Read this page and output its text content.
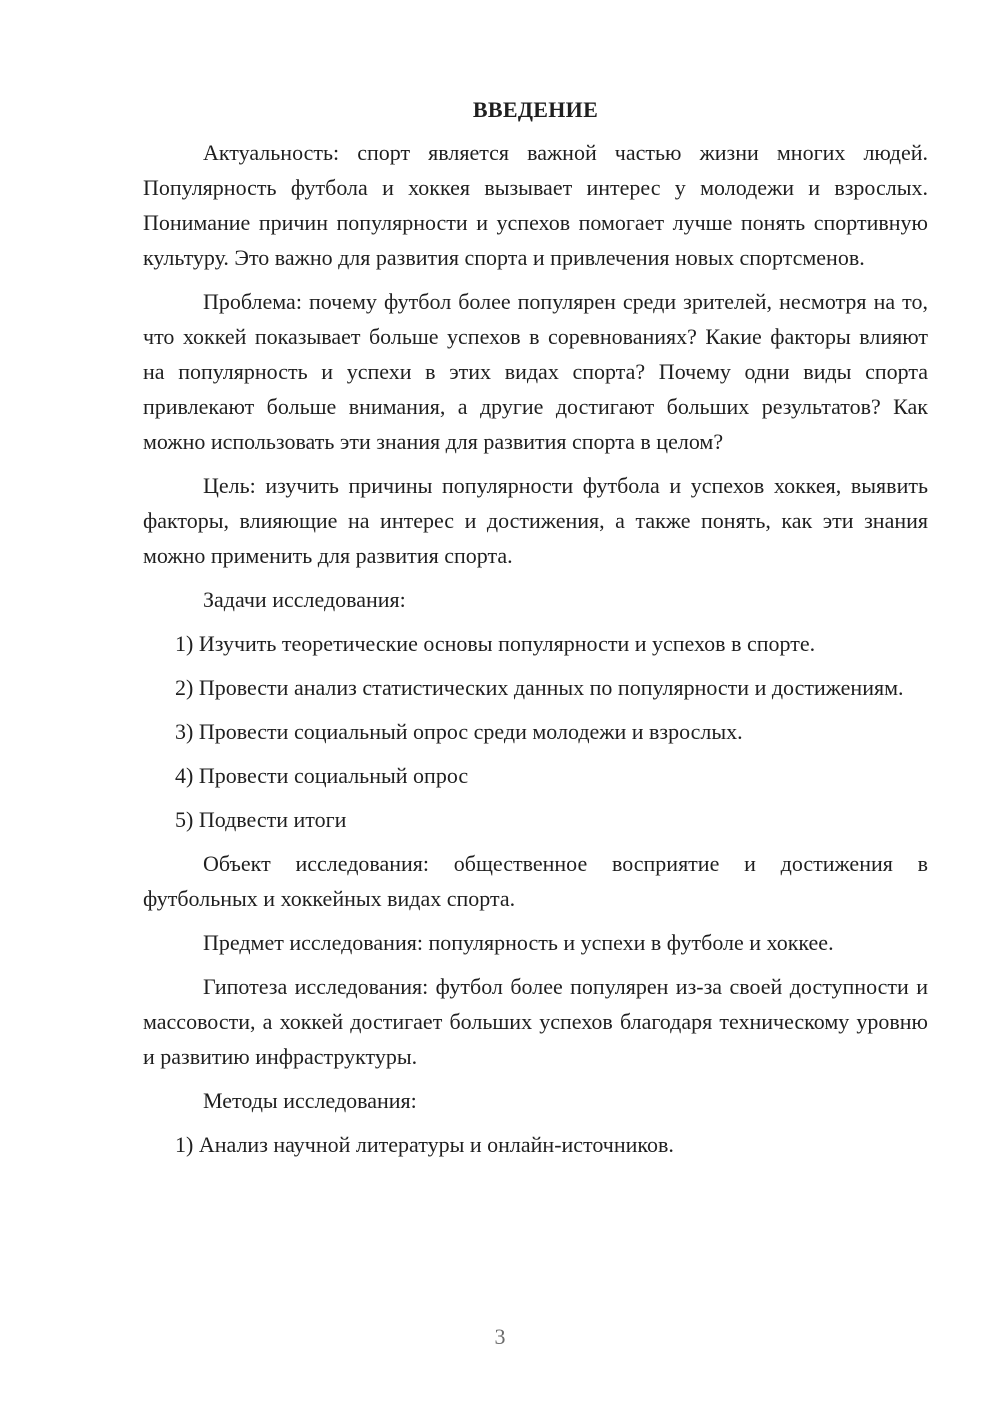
ВВЕДЕНИЕ

Актуальность: спорт является важной частью жизни многих людей. Популярность футбола и хоккея вызывает интерес у молодежи и взрослых. Понимание причин популярности и успехов помогает лучше понять спортивную культуру. Это важно для развития спорта и привлечения новых спортсменов.

Проблема: почему футбол более популярен среди зрителей, несмотря на то, что хоккей показывает больше успехов в соревнованиях? Какие факторы влияют на популярность и успехи в этих видах спорта? Почему одни виды спорта привлекают больше внимания, а другие достигают больших результатов? Как можно использовать эти знания для развития спорта в целом?

Цель: изучить причины популярности футбола и успехов хоккея, выявить факторы, влияющие на интерес и достижения, а также понять, как эти знания можно применить для развития спорта.

Задачи исследования:

1) Изучить теоретические основы популярности и успехов в спорте.

2) Провести анализ статистических данных по популярности и достижениям.

3) Провести социальный опрос среди молодежи и взрослых.

4) Провести социальный опрос

5) Подвести итоги

Объект исследования: общественное восприятие и достижения в футбольных и хоккейных видах спорта.

Предмет исследования: популярность и успехи в футболе и хоккее.

Гипотеза исследования: футбол более популярен из-за своей доступности и массовости, а хоккей достигает больших успехов благодаря техническому уровню и развитию инфраструктуры.

Методы исследования:

1) Анализ научной литературы и онлайн-источников.

3
